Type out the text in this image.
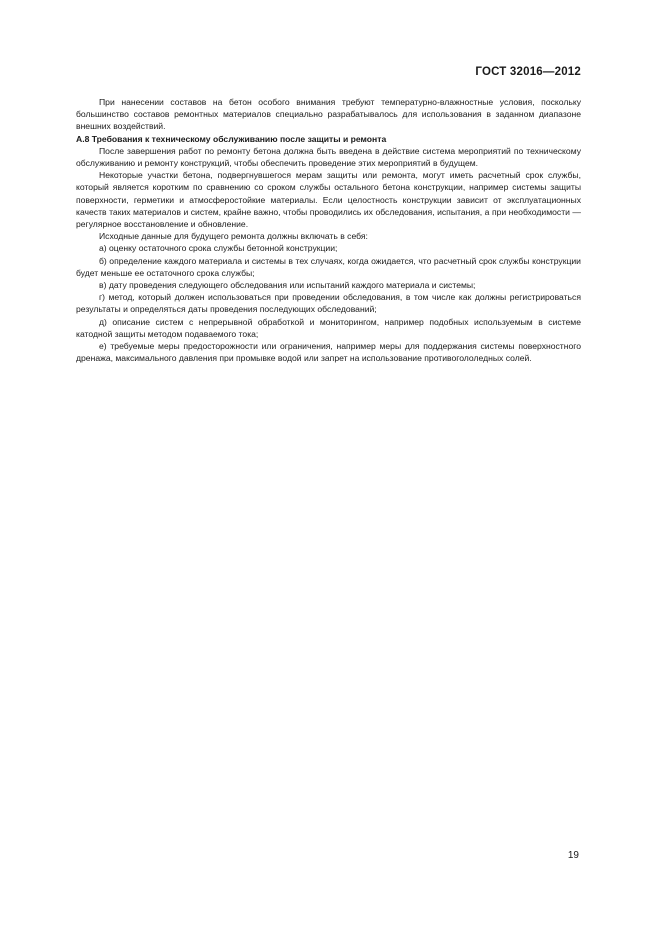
ГОСТ 32016—2012

При нанесении составов на бетон особого внимания требуют температурно-влажностные условия, поскольку большинство составов ремонтных материалов специально разрабатывалось для использования в заданном диапазоне внешних воздействий.

А.8 Требования к техническому обслуживанию после защиты и ремонта

После завершения работ по ремонту бетона должна быть введена в действие система мероприятий по техническому обслуживанию и ремонту конструкций, чтобы обеспечить проведение этих мероприятий в будущем.

Некоторые участки бетона, подвергнувшегося мерам защиты или ремонта, могут иметь расчетный срок службы, который является коротким по сравнению со сроком службы остального бетона конструкции, например системы защиты поверхности, герметики и атмосферостойкие материалы. Если целостность конструкции зависит от эксплуатационных качеств таких материалов и систем, крайне важно, чтобы проводились их обследования, испытания, а при необходимости — регулярное восстановление и обновление.

Исходные данные для будущего ремонта должны включать в себя:

а) оценку остаточного срока службы бетонной конструкции;

б) определение каждого материала и системы в тех случаях, когда ожидается, что расчетный срок службы конструкции будет меньше ее остаточного срока службы;

в) дату проведения следующего обследования или испытаний каждого материала и системы;

г) метод, который должен использоваться при проведении обследования, в том числе как должны регистрироваться результаты и определяться даты проведения последующих обследований;

д) описание систем с непрерывной обработкой и мониторингом, например подобных используемым в системе катодной защиты методом подаваемого тока;

е) требуемые меры предосторожности или ограничения, например меры для поддержания системы поверхностного дренажа, максимального давления при промывке водой или запрет на использование противогололедных солей.

19
